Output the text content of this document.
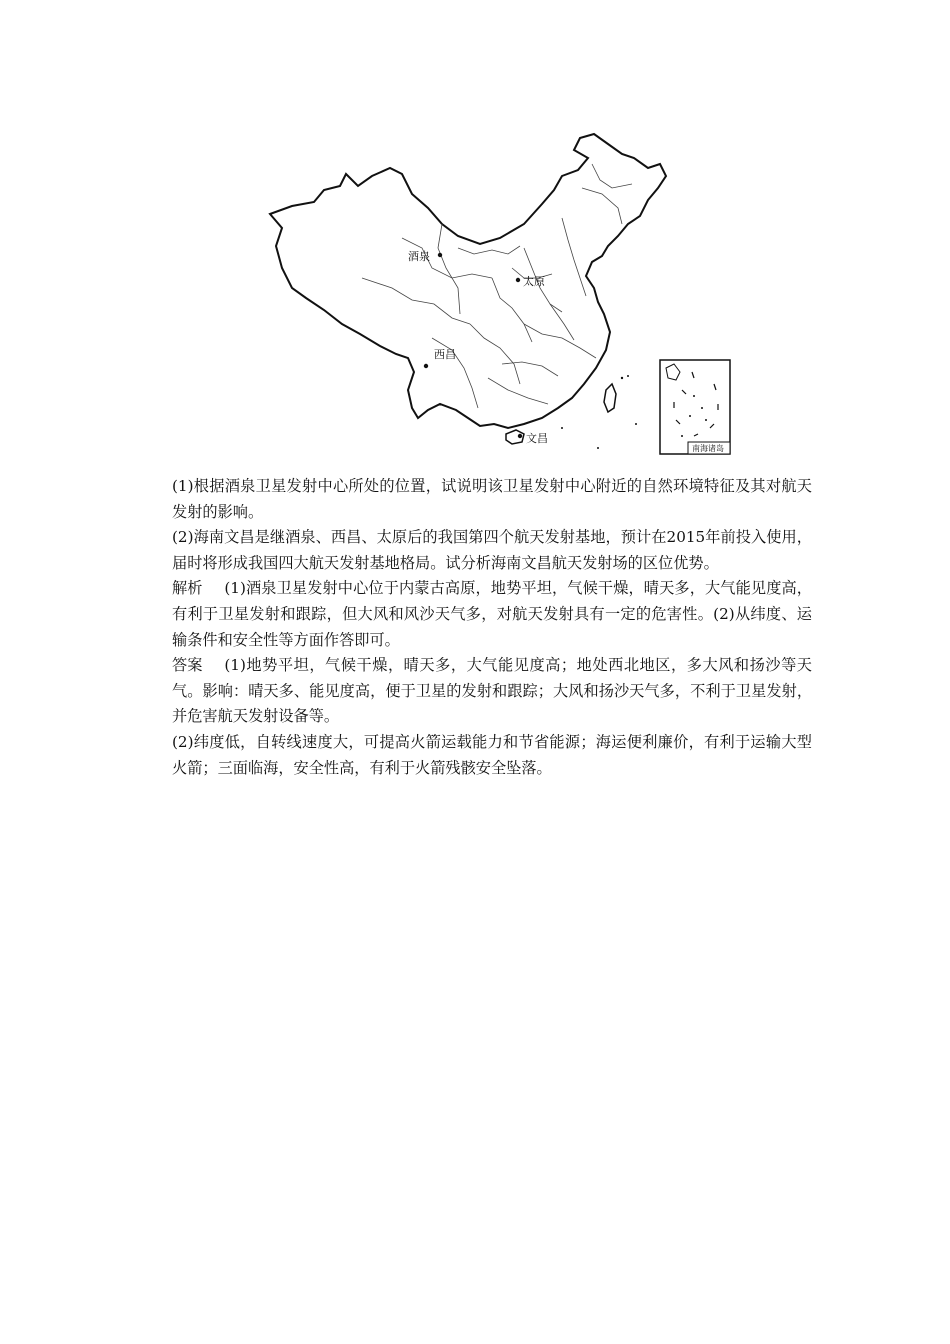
酒泉
太原
西昌
文昌
南海诸岛

(1)根据酒泉卫星发射中心所处的位置，试说明该卫星发射中心附近的自然环境特征及其对航天发射的影响。

(2)海南文昌是继酒泉、西昌、太原后的我国第四个航天发射基地，预计在2015年前投入使用，届时将形成我国四大航天发射基地格局。试分析海南文昌航天发射场的区位优势。

解析 (1)酒泉卫星发射中心位于内蒙古高原，地势平坦，气候干燥，晴天多，大气能见度高，有利于卫星发射和跟踪，但大风和风沙天气多，对航天发射具有一定的危害性。(2)从纬度、运输条件和安全性等方面作答即可。

答案 (1)地势平坦，气候干燥，晴天多，大气能见度高；地处西北地区，多大风和扬沙等天气。影响：晴天多、能见度高，便于卫星的发射和跟踪；大风和扬沙天气多，不利于卫星发射，并危害航天发射设备等。

(2)纬度低，自转线速度大，可提高火箭运载能力和节省能源；海运便利廉价，有利于运输大型火箭；三面临海，安全性高，有利于火箭残骸安全坠落。
